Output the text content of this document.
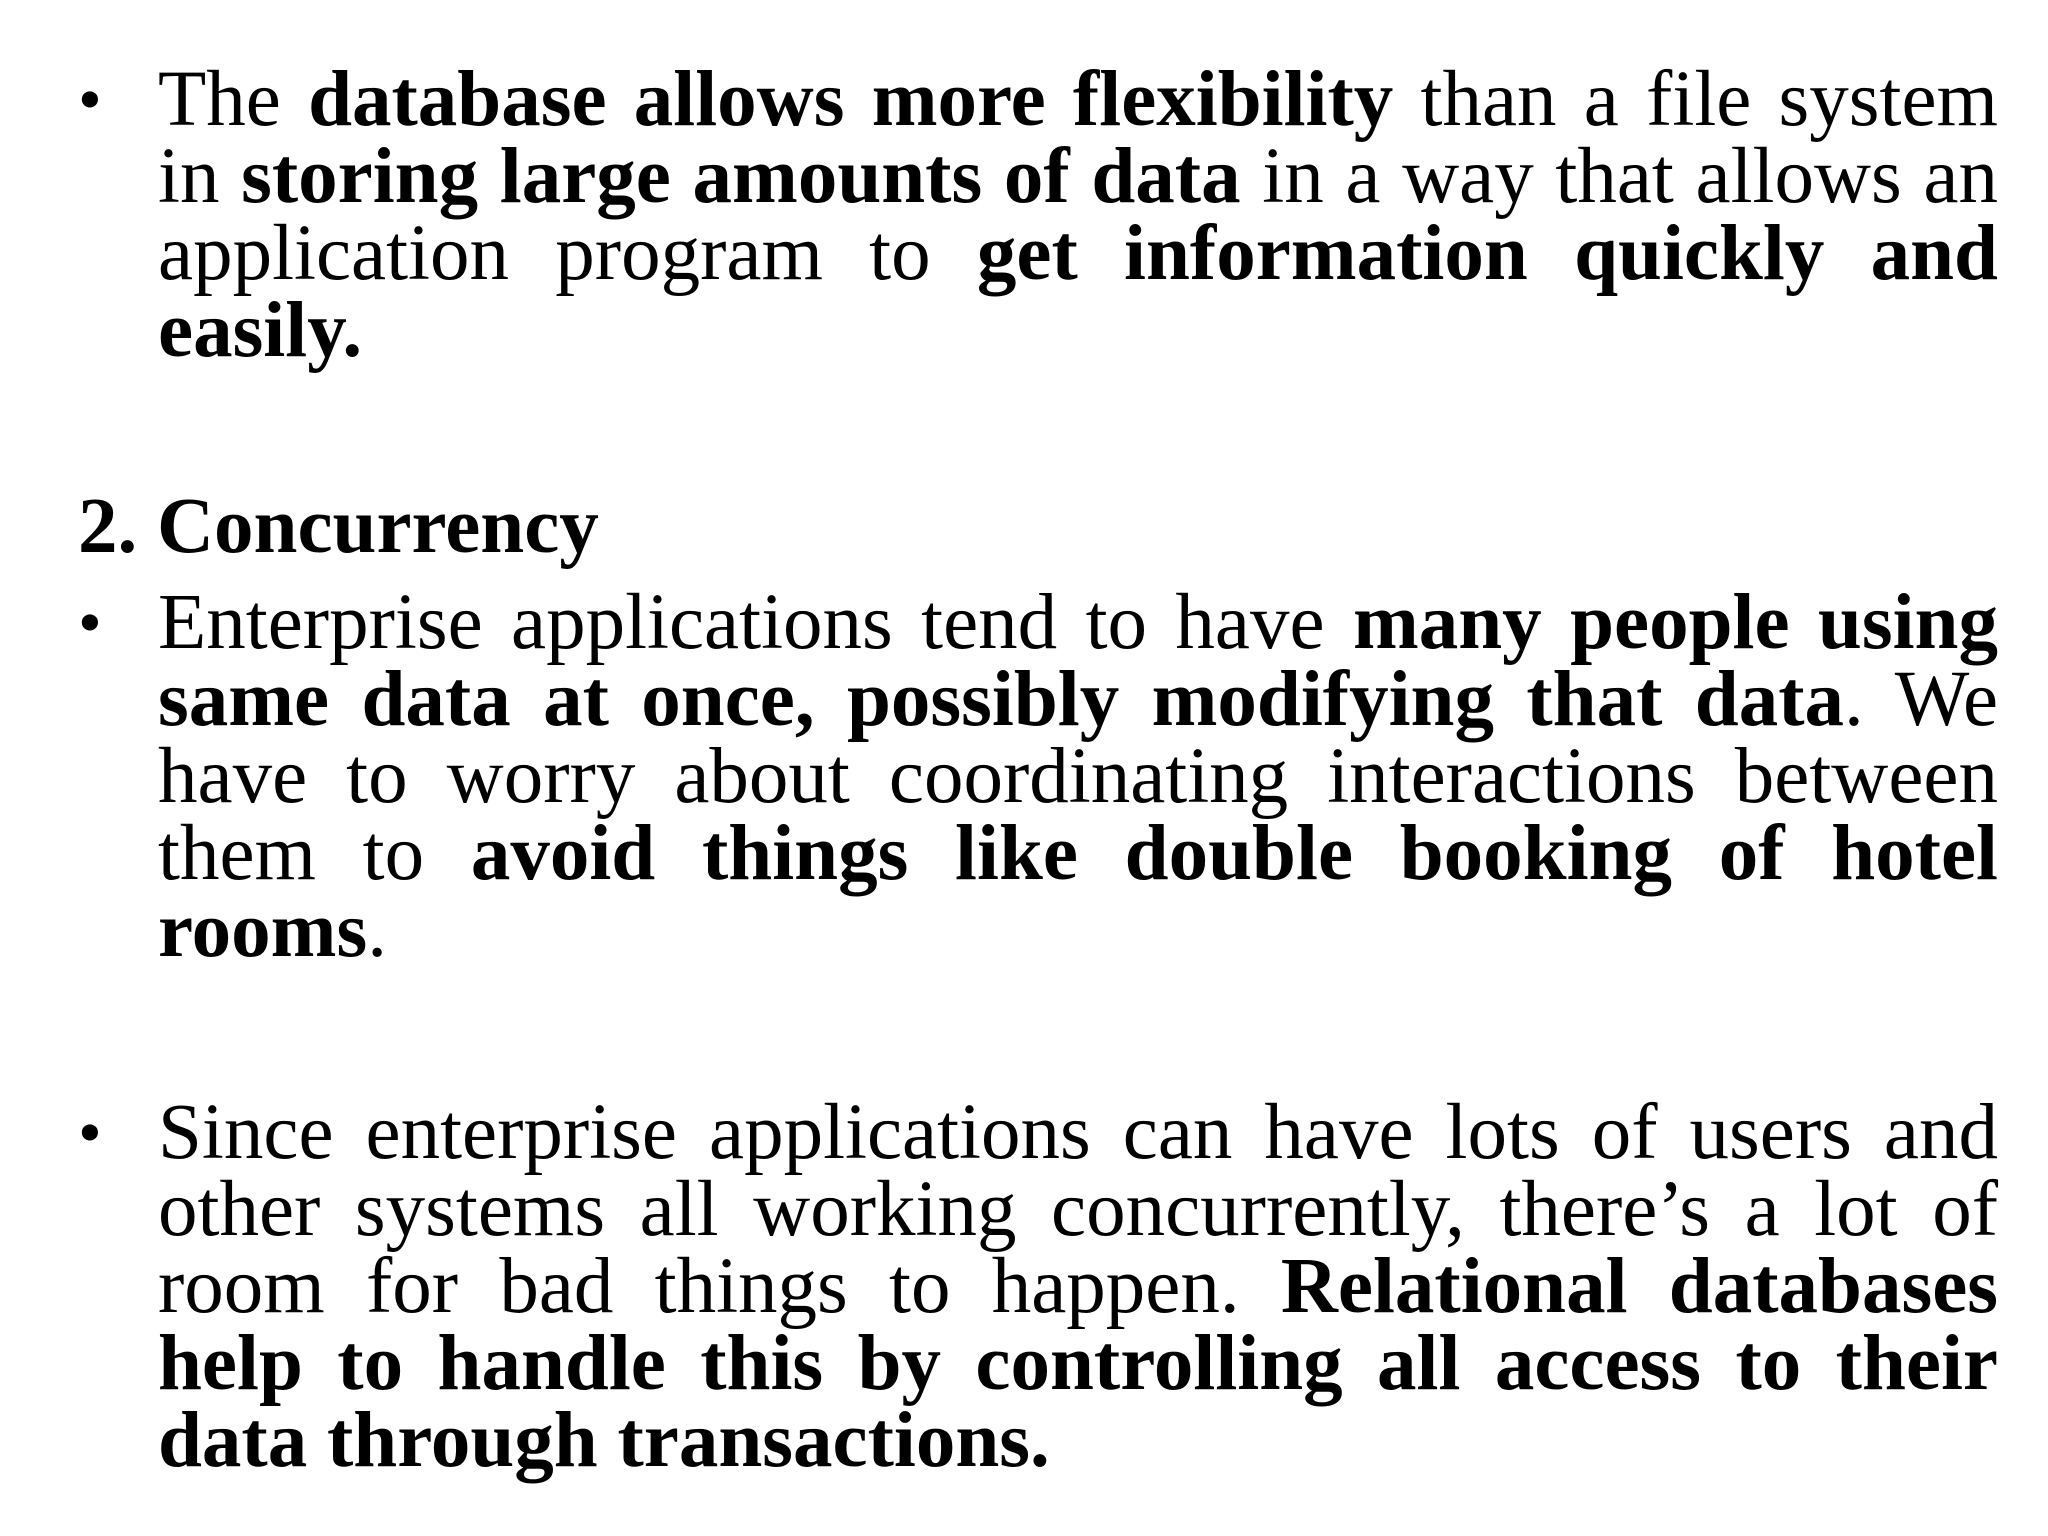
• The database allows more flexibility than a file system in storing large amounts of data in a way that allows an application program to get information quickly and easily.
2. Concurrency
• Enterprise applications tend to have many people using same data at once, possibly modifying that data. We have to worry about coordinating interactions between them to avoid things like double booking of hotel rooms.
• Since enterprise applications can have lots of users and other systems all working concurrently, there’s a lot of room for bad things to happen. Relational databases help to handle this by controlling all access to their data through transactions.
